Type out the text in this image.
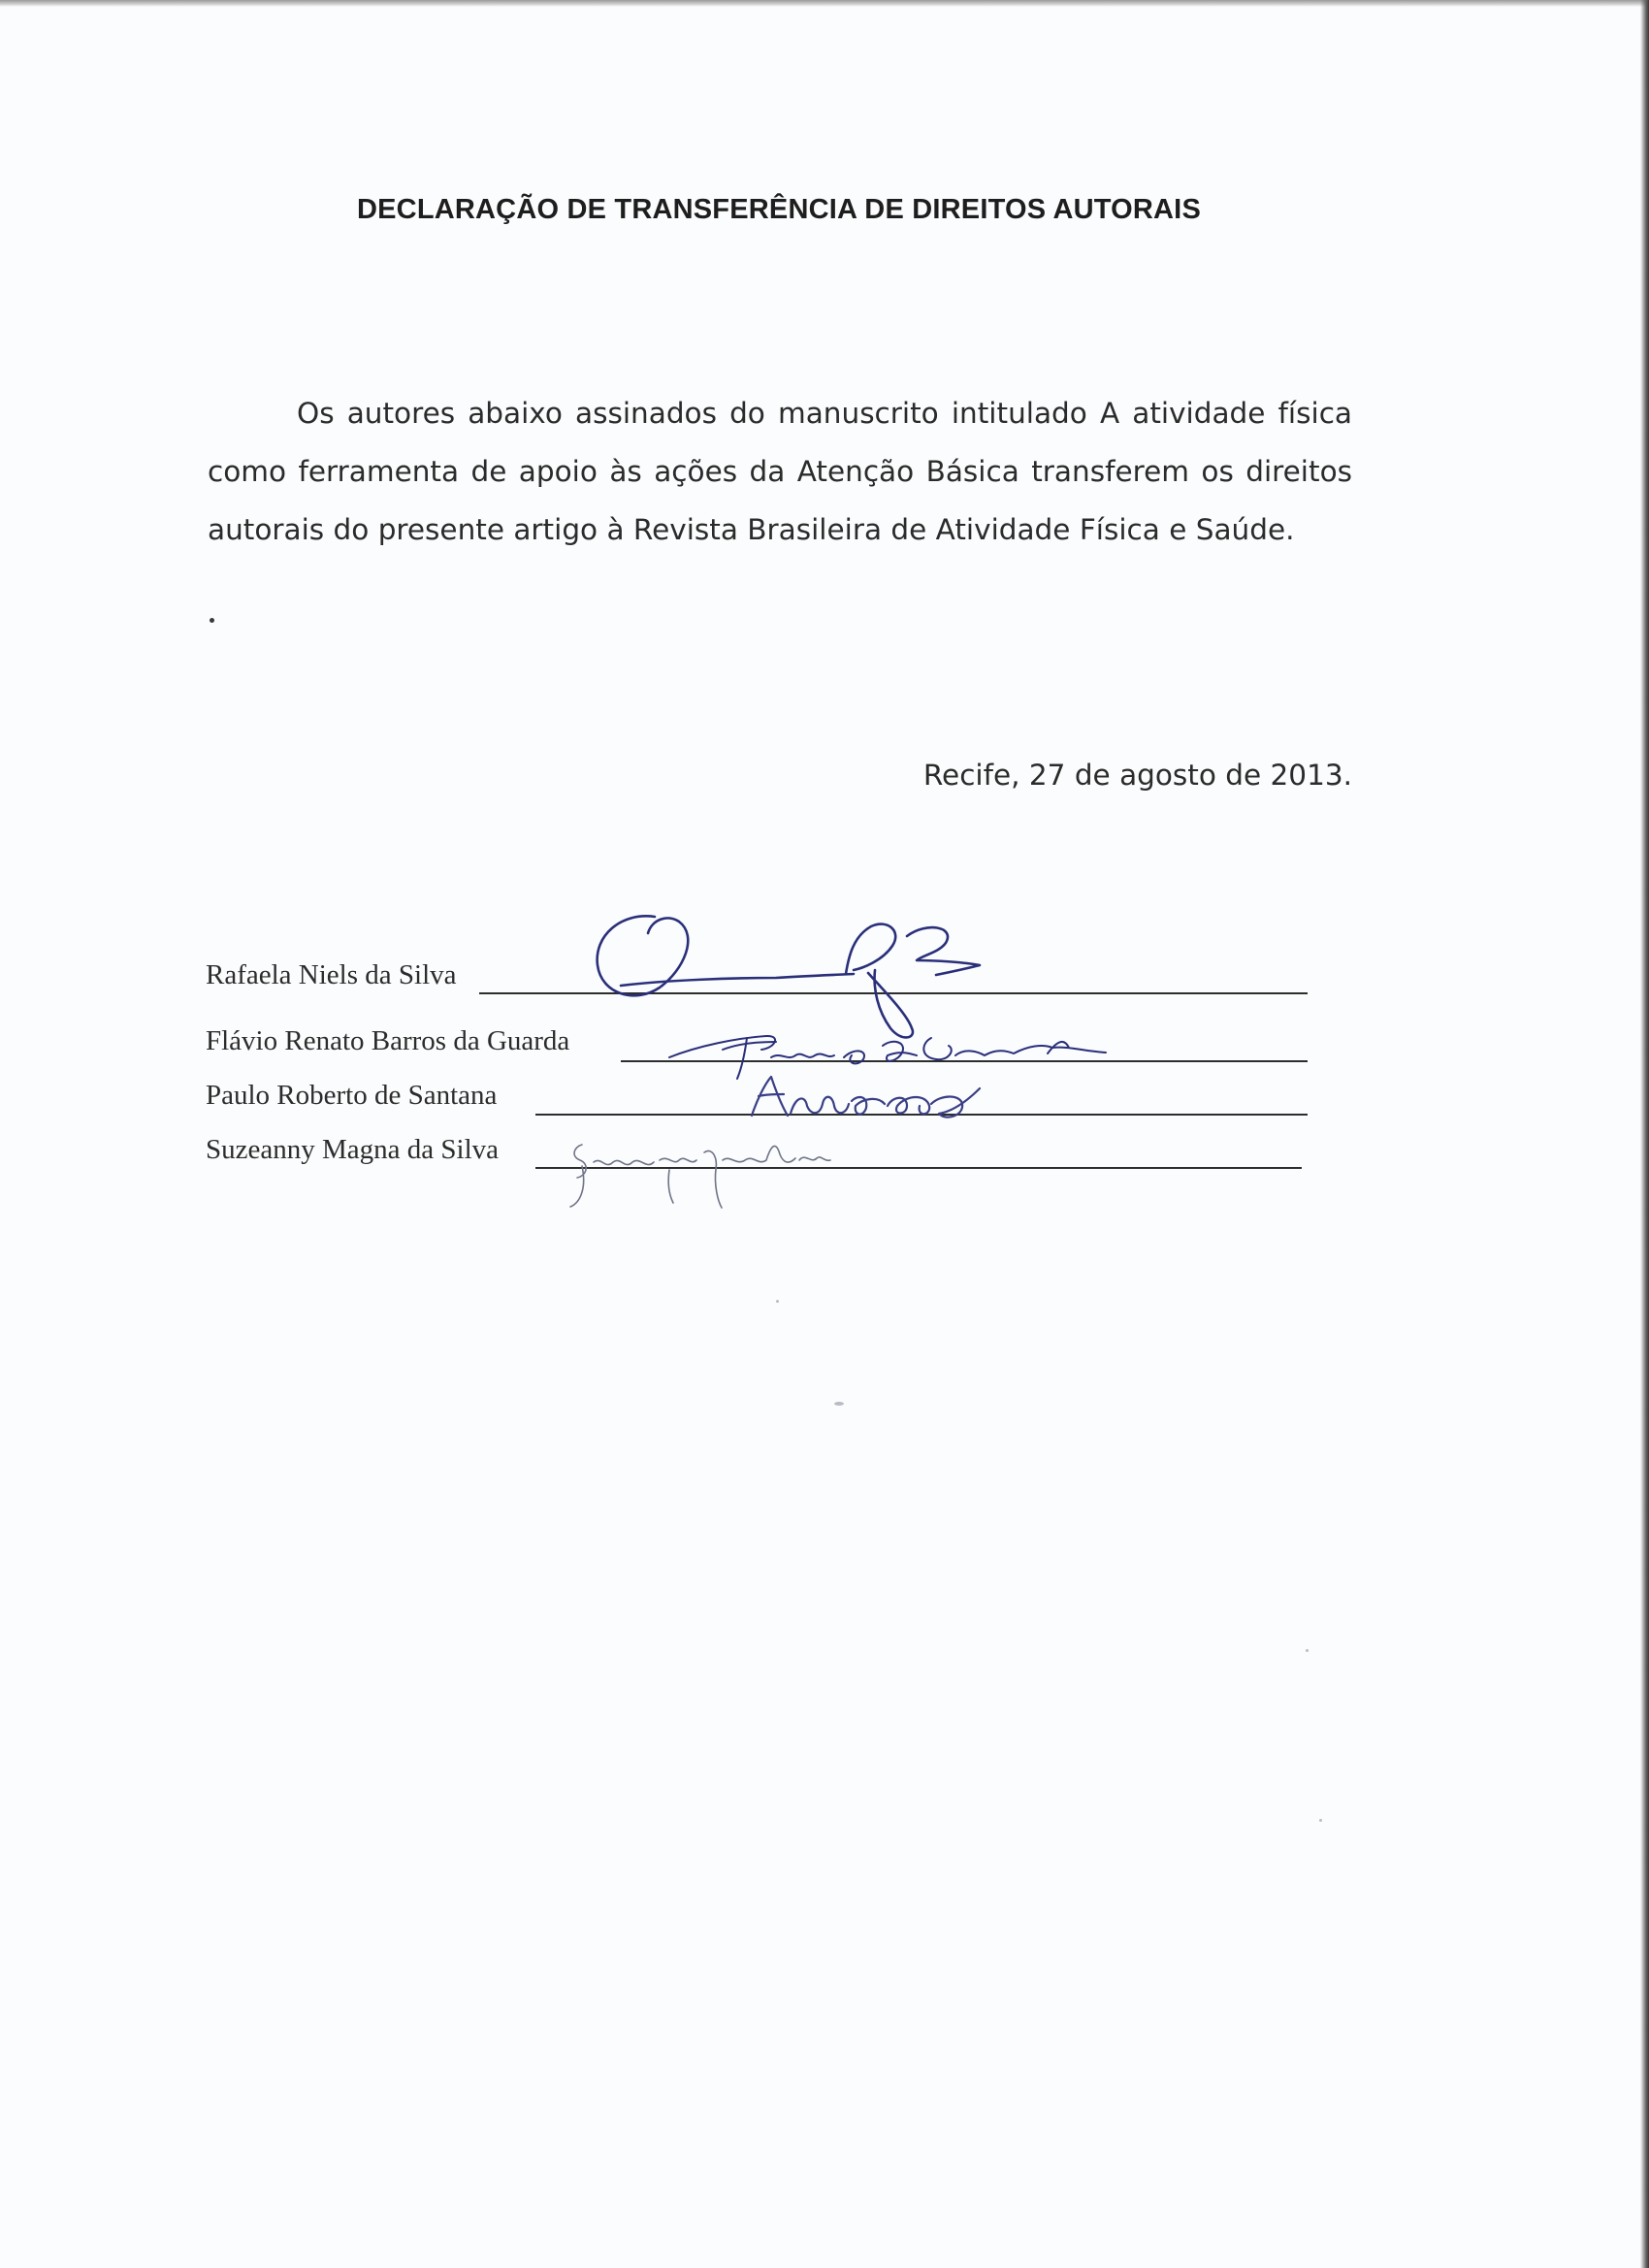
DECLARAÇÃO DE TRANSFERÊNCIA DE DIREITOS AUTORAIS
Os autores abaixo assinados do manuscrito intitulado A atividade física como ferramenta de apoio às ações da Atenção Básica transferem os direitos autorais do presente artigo à Revista Brasileira de Atividade Física e Saúde.
Recife, 27 de agosto de 2013.
Rafaela Niels da Silva
Flávio Renato Barros da Guarda
Paulo Roberto de Santana
Suzeanny Magna da Silva
